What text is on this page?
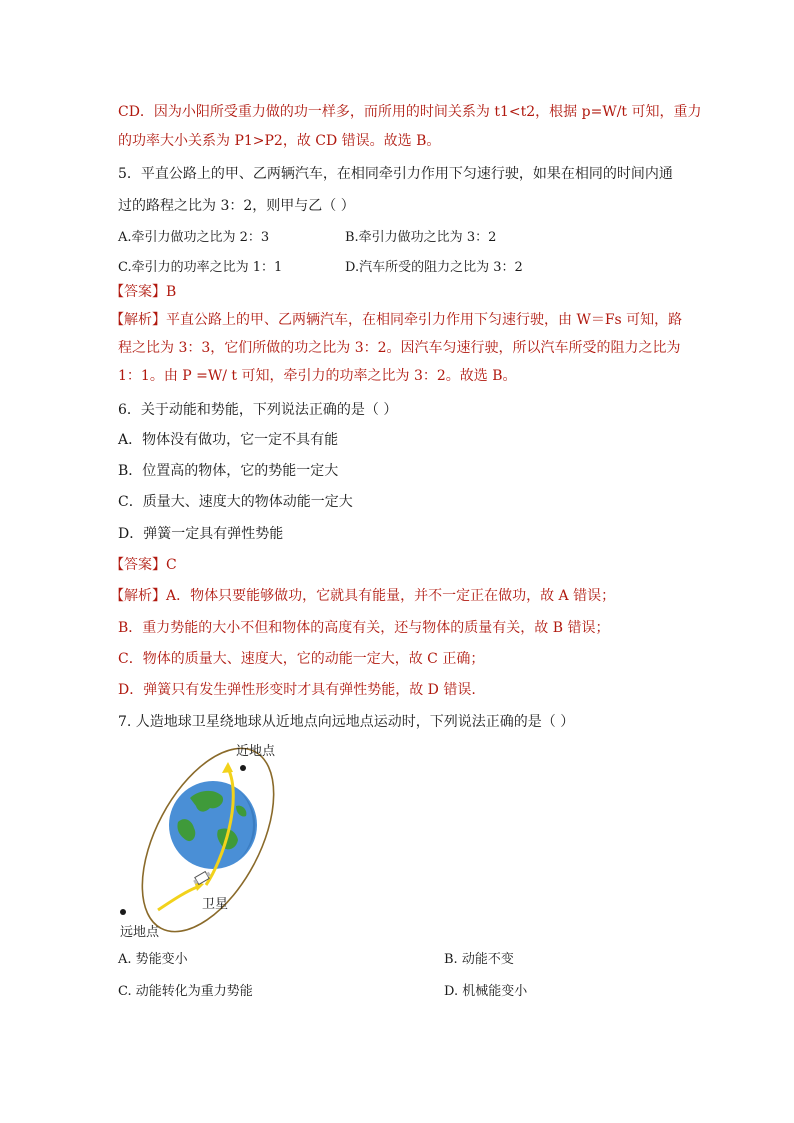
CD．因为小阳所受重力做的功一样多，而所用的时间关系为 t1<t2，根据 p=W/t 可知，重力
的功率大小关系为 P1>P2，故 CD 错误。故选 B。
5．平直公路上的甲、乙两辆汽车，在相同牵引力作用下匀速行驶，如果在相同的时间内通
过的路程之比为 3：2，则甲与乙（ ）
A.牵引力做功之比为 2：3	B.牵引力做功之比为 3：2
C.牵引力的功率之比为 1：1	D.汽车所受的阻力之比为 3：2
【答案】B
【解析】平直公路上的甲、乙两辆汽车，在相同牵引力作用下匀速行驶，由 W＝Fs 可知，路
程之比为 3：3，它们所做的功之比为 3：2。因汽车匀速行驶，所以汽车所受的阻力之比为
1：1。由 P =W/ t 可知，牵引力的功率之比为 3：2。故选 B。
6．关于动能和势能，下列说法正确的是（ ）
A．物体没有做功，它一定不具有能
B．位置高的物体，它的势能一定大
C．质量大、速度大的物体动能一定大
D．弹簧一定具有弹性势能
【答案】C
【解析】A．物体只要能够做功，它就具有能量，并不一定正在做功，故 A 错误；
B．重力势能的大小不但和物体的高度有关，还与物体的质量有关，故 B 错误；
C．物体的质量大、速度大，它的动能一定大，故 C 正确；
D．弹簧只有发生弹性形变时才具有弹性势能，故 D 错误.
7. 人造地球卫星绕地球从近地点向远地点运动时，下列说法正确的是（ ）
近地点
卫星
远地点
A. 势能变小	B. 动能不变
C. 动能转化为重力势能	D. 机械能变小
